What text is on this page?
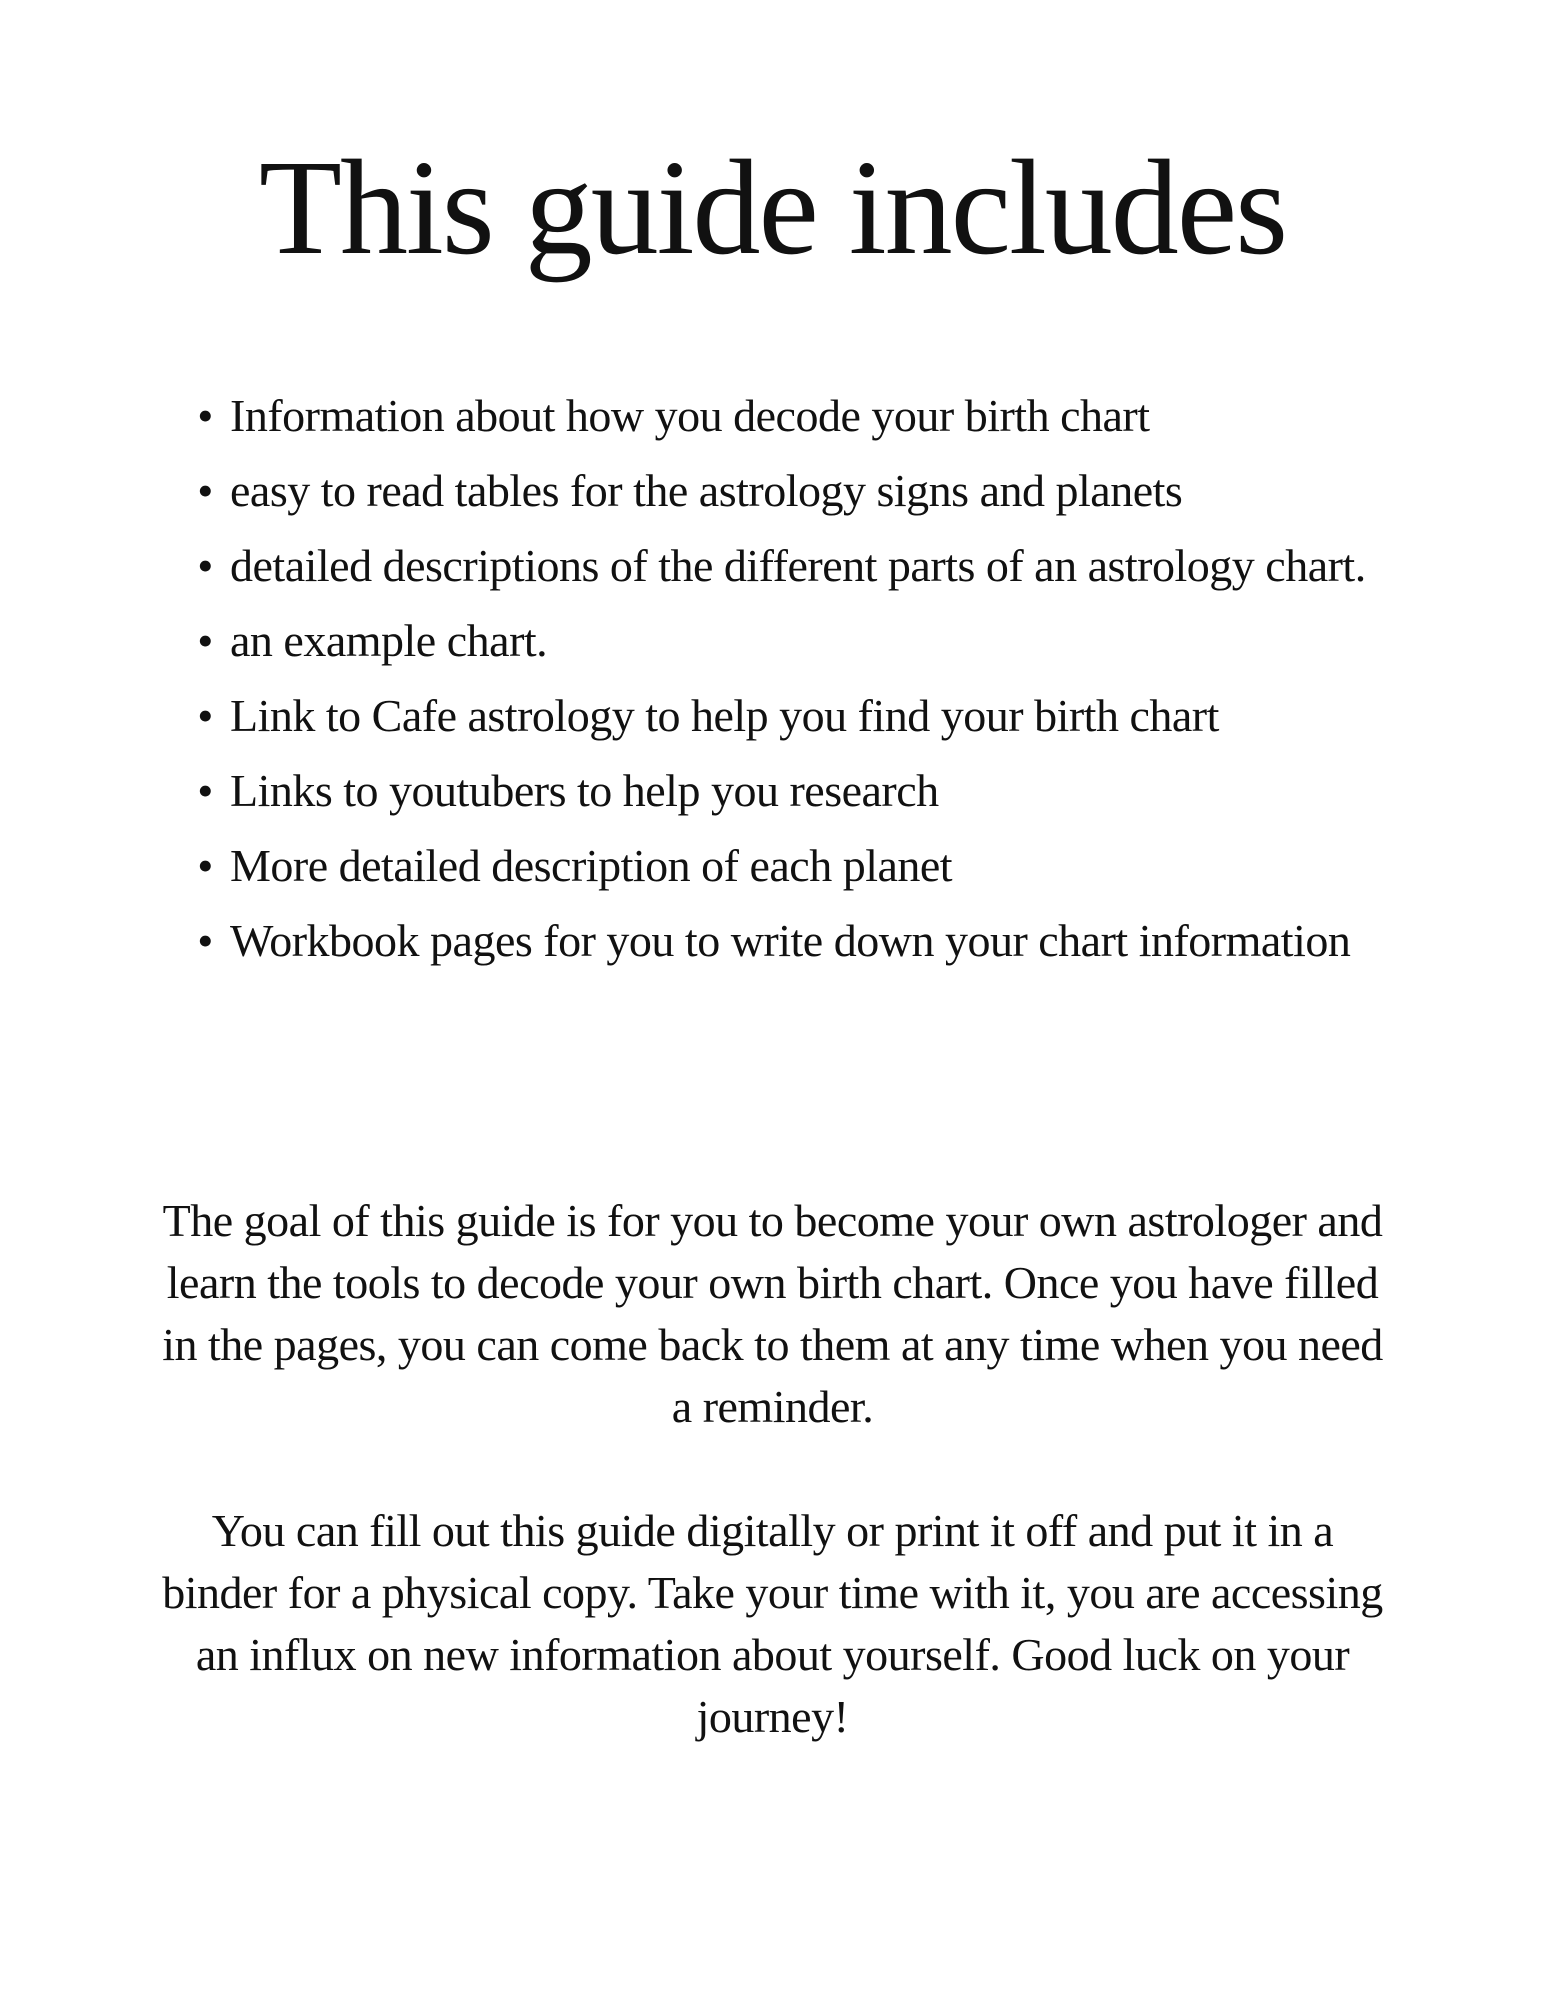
This guide includes
• Information about how you decode your birth chart
• easy to read tables for the astrology signs and planets
• detailed descriptions of the different parts of an astrology chart.
• an example chart.
• Link to Cafe astrology to help you find your birth chart
• Links to youtubers to help you research
• More detailed description of each planet
• Workbook pages for you to write down your chart information

The goal of this guide is for you to become your own astrologer and learn the tools to decode your own birth chart. Once you have filled in the pages, you can come back to them at any time when you need a reminder.

You can fill out this guide digitally or print it off and put it in a binder for a physical copy. Take your time with it, you are accessing an influx on new information about yourself. Good luck on your journey!
